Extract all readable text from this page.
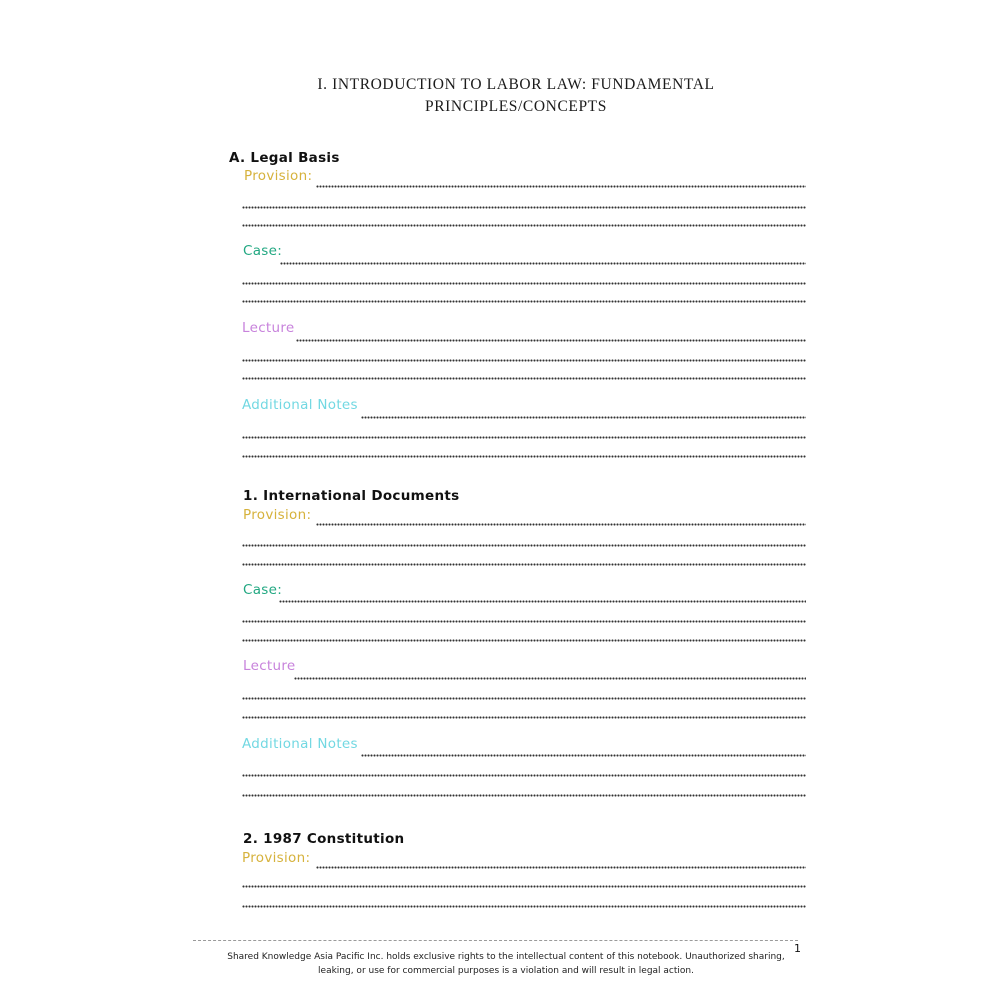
I. INTRODUCTION TO LABOR LAW: FUNDAMENTAL
PRINCIPLES/CONCEPTS
A. Legal Basis
Provision:
Case:
Lecture
Additional Notes
1. International Documents
Provision:
Case:
Lecture
Additional Notes
2. 1987 Constitution
Provision:
1
Shared Knowledge Asia Pacific Inc. holds exclusive rights to the intellectual content of this notebook. Unauthorized sharing,
leaking, or use for commercial purposes is a violation and will result in legal action.
